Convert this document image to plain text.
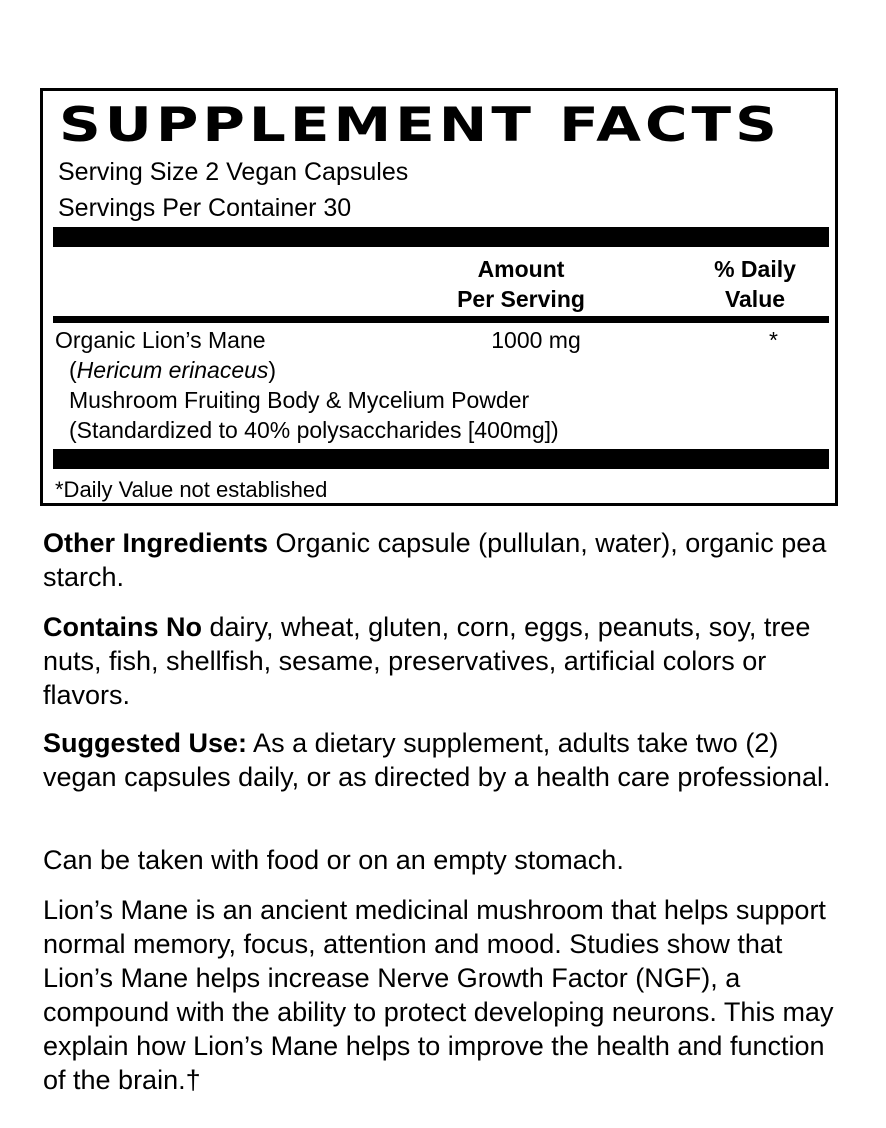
SUPPLEMENT FACTS
Serving Size 2 Vegan Capsules
Servings Per Container 30
Amount
Per Serving
% Daily
Value
Organic Lion’s Mane
(Hericum erinaceus)
Mushroom Fruiting Body & Mycelium Powder
(Standardized to 40% polysaccharides [400mg])
1000 mg	*
*Daily Value not established

Other Ingredients Organic capsule (pullulan, water), organic pea starch.

Contains No dairy, wheat, gluten, corn, eggs, peanuts, soy, tree nuts, fish, shellfish, sesame, preservatives, artificial colors or flavors.

Suggested Use: As a dietary supplement, adults take two (2) vegan capsules daily, or as directed by a health care professional.

Can be taken with food or on an empty stomach.

Lion’s Mane is an ancient medicinal mushroom that helps support normal memory, focus, attention and mood. Studies show that Lion’s Mane helps increase Nerve Growth Factor (NGF), a compound with the ability to protect developing neurons. This may explain how Lion’s Mane helps to improve the health and function of the brain.†
